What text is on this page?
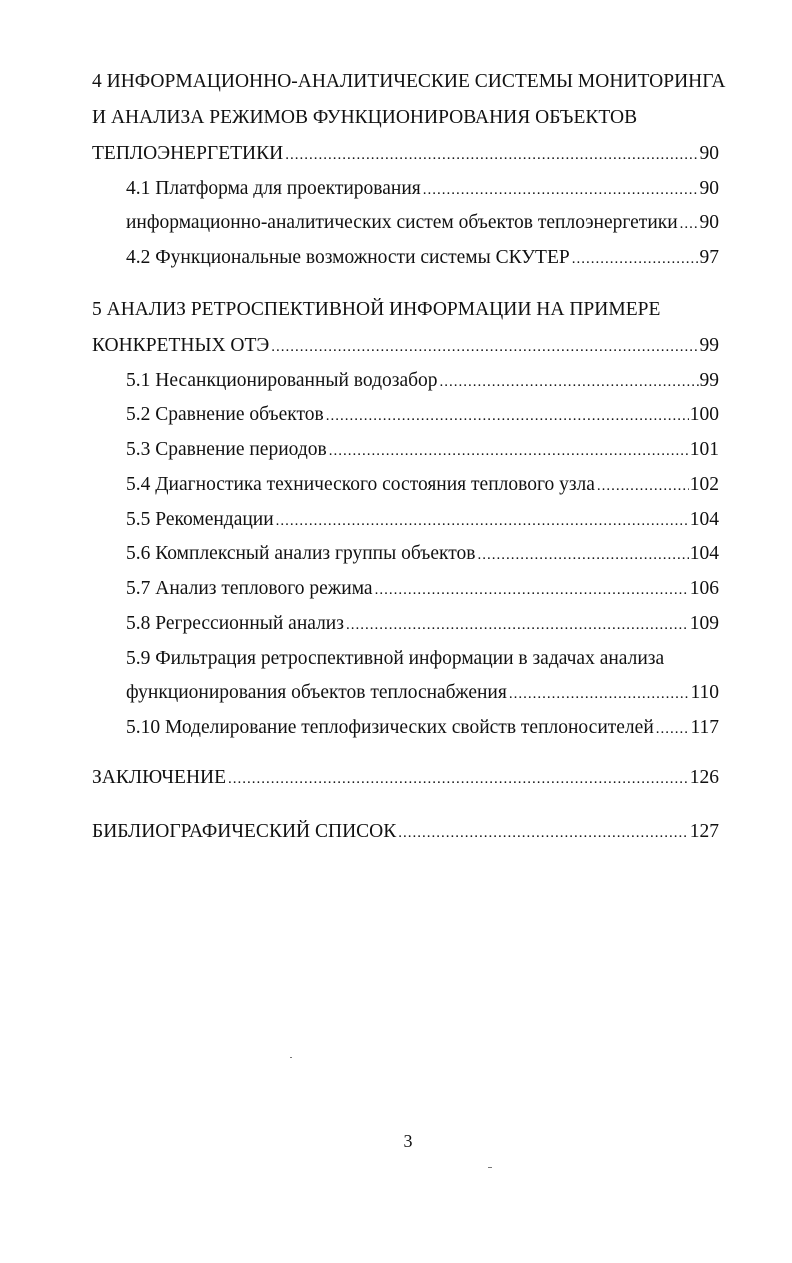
4 ИНФОРМАЦИОННО-АНАЛИТИЧЕСКИЕ СИСТЕМЫ МОНИТОРИНГА
И АНАЛИЗА РЕЖИМОВ ФУНКЦИОНИРОВАНИЯ ОБЪЕКТОВ
ТЕПЛОЭНЕРГЕТИКИ .....	90
4.1 Платформа для проектирования .....	90
информационно-аналитических систем объектов теплоэнергетики ..... 90
4.2 Функциональные возможности системы СКУТЕР .....	97
5 АНАЛИЗ РЕТРОСПЕКТИВНОЙ ИНФОРМАЦИИ НА ПРИМЕРЕ
КОНКРЕТНЫХ ОТЭ .....	99
5.1 Несанкционированный водозабор .....	99
5.2 Сравнение объектов .....	100
5.3 Сравнение периодов .....	101
5.4 Диагностика технического состояния теплового узла .....	102
5.5 Рекомендации .....	104
5.6 Комплексный анализ группы объектов .....	104
5.7 Анализ теплового режима .....	106
5.8 Регрессионный анализ .....	109
5.9 Фильтрация ретроспективной информации в задачах анализа
функционирования объектов теплоснабжения .....	110
5.10 Моделирование теплофизических свойств теплоносителей ..... 117
ЗАКЛЮЧЕНИЕ .....	126
БИБЛИОГРАФИЧЕСКИЙ СПИСОК .....	127
3
